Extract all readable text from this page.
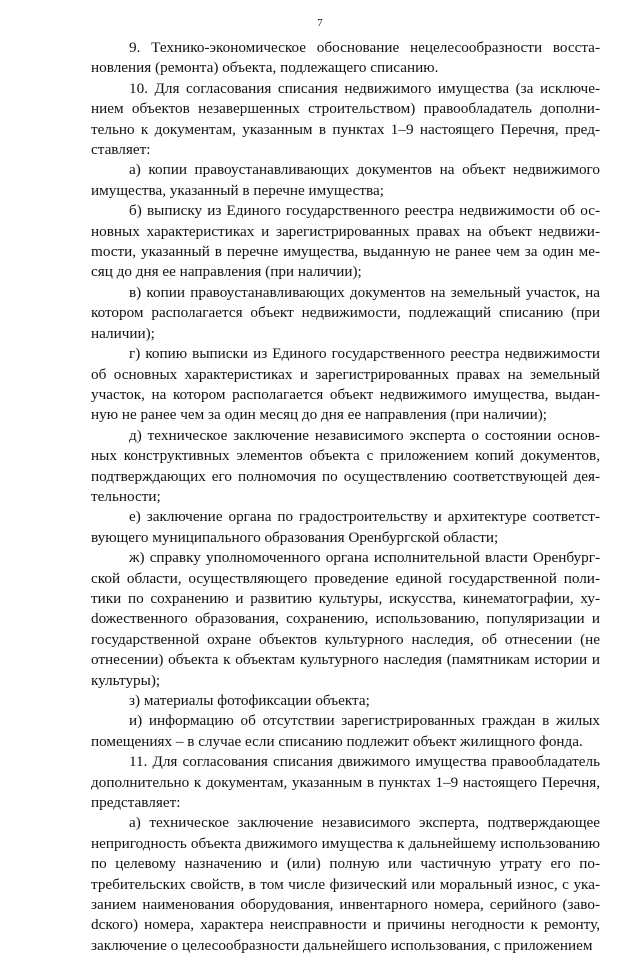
7

9. Технико-экономическое обоснование нецелесообразности восстановления (ремонта) объекта, подлежащего списанию.

10. Для согласования списания недвижимого имущества (за исключением объектов незавершенных строительством) правообладатель дополнительно к документам, указанным в пунктах 1–9 настоящего Перечня, представляет:

а) копии правоустанавливающих документов на объект недвижимого имущества, указанный в перечне имущества;

б) выписку из Единого государственного реестра недвижимости об основных характеристиках и зарегистрированных правах на объект недвижиmости, указанный в перечне имущества, выданную не ранее чем за один месяц до дня ее направления (при наличии);

в) копии правоустанавливающих документов на земельный участок, на котором располагается объект недвижимости, подлежащий списанию (при наличии);

г) копию выписки из Единого государственного реестра недвижимости об основных характеристиках и зарегистрированных правах на земельный участок, на котором располагается объект недвижимого имущества, выданную не ранее чем за один месяц до дня ее направления (при наличии);

д) техническое заключение независимого эксперта о состоянии основных конструктивных элементов объекта с приложением копий документов, подтверждающих его полномочия по осуществлению соответствующей деятельности;

е) заключение органа по градостроительству и архитектуре соответствующего муниципального образования Оренбургской области;

ж) справку уполномоченного органа исполнительной власти Оренбургской области, осуществляющего проведение единой государственной политики по сохранению и развитию культуры, искусства, кинематографии, хуdожественного образования, сохранению, использованию, популяризации и государственной охране объектов культурного наследия, об отнесении (не отнесении) объекта к объектам культурного наследия (памятникам истории и культуры);

з) материалы фотофиксации объекта;

и) информацию об отсутствии зарегистрированных граждан в жилых помещениях – в случае если списанию подлежит объект жилищного фонда.

11. Для согласования списания движимого имущества правообладатель дополнительно к документам, указанным в пунктах 1–9 настоящего Перечня, представляет:

а) техническое заключение независимого эксперта, подтверждающее непригодность объекта движимого имущества к дальнейшему использованию по целевому назначению и (или) полную или частичную утрату его потребительских свойств, в том числе физический или моральный износ, с указанием наименования оборудования, инвентарного номера, серийного (завоdского) номера, характера неисправности и причины негодности к ремонту, заключение о целесообразности дальнейшего использования, с приложением
